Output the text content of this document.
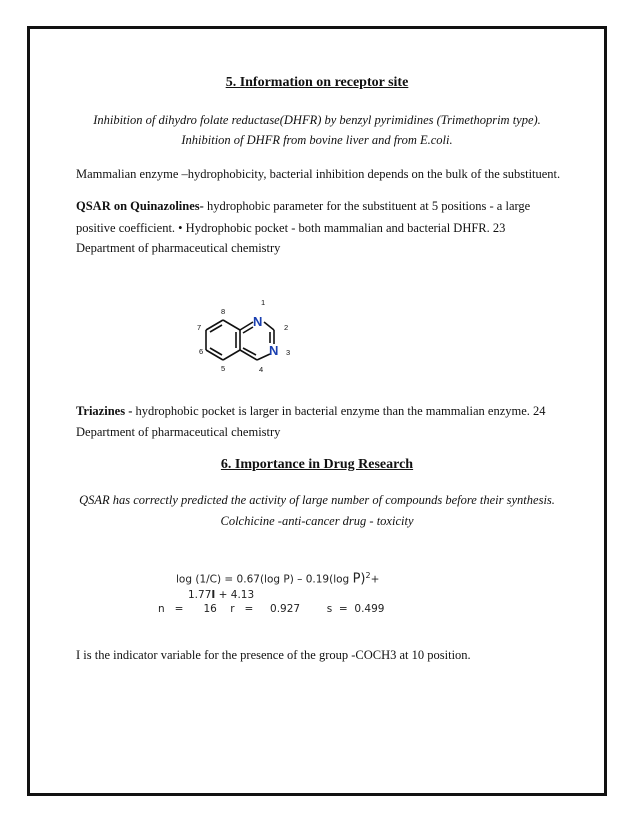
5. Information on receptor site
Inhibition of dihydro folate reductase(DHFR) by benzyl pyrimidines (Trimethoprim type).
Inhibition of DHFR from bovine liver and from E.coli.
Mammalian enzyme –hydrophobicity, bacterial inhibition depends on the bulk of the substituent.
QSAR on Quinazolines- hydrophobic parameter for the substituent at 5 positions - a large
positive coefficient. • Hydrophobic pocket - both mammalian and bacterial DHFR. 23
Department of pharmaceutical chemistry
N
N
1
2
3
4
5
6
7
8
Triazines - hydrophobic pocket is larger in bacterial enzyme than the mammalian enzyme. 24
Department of pharmaceutical chemistry
6. Importance in Drug Research
QSAR has correctly predicted the activity of large number of compounds before their synthesis.
Colchicine -anti-cancer drug - toxicity
log (1/C) = 0.67(log P) – 0.19(log P)$^2$+
1.77I + 4.13
n   =      16    r   =     0.927        s  =  0.499
I is the indicator variable for the presence of the group -COCH3 at 10 position.
